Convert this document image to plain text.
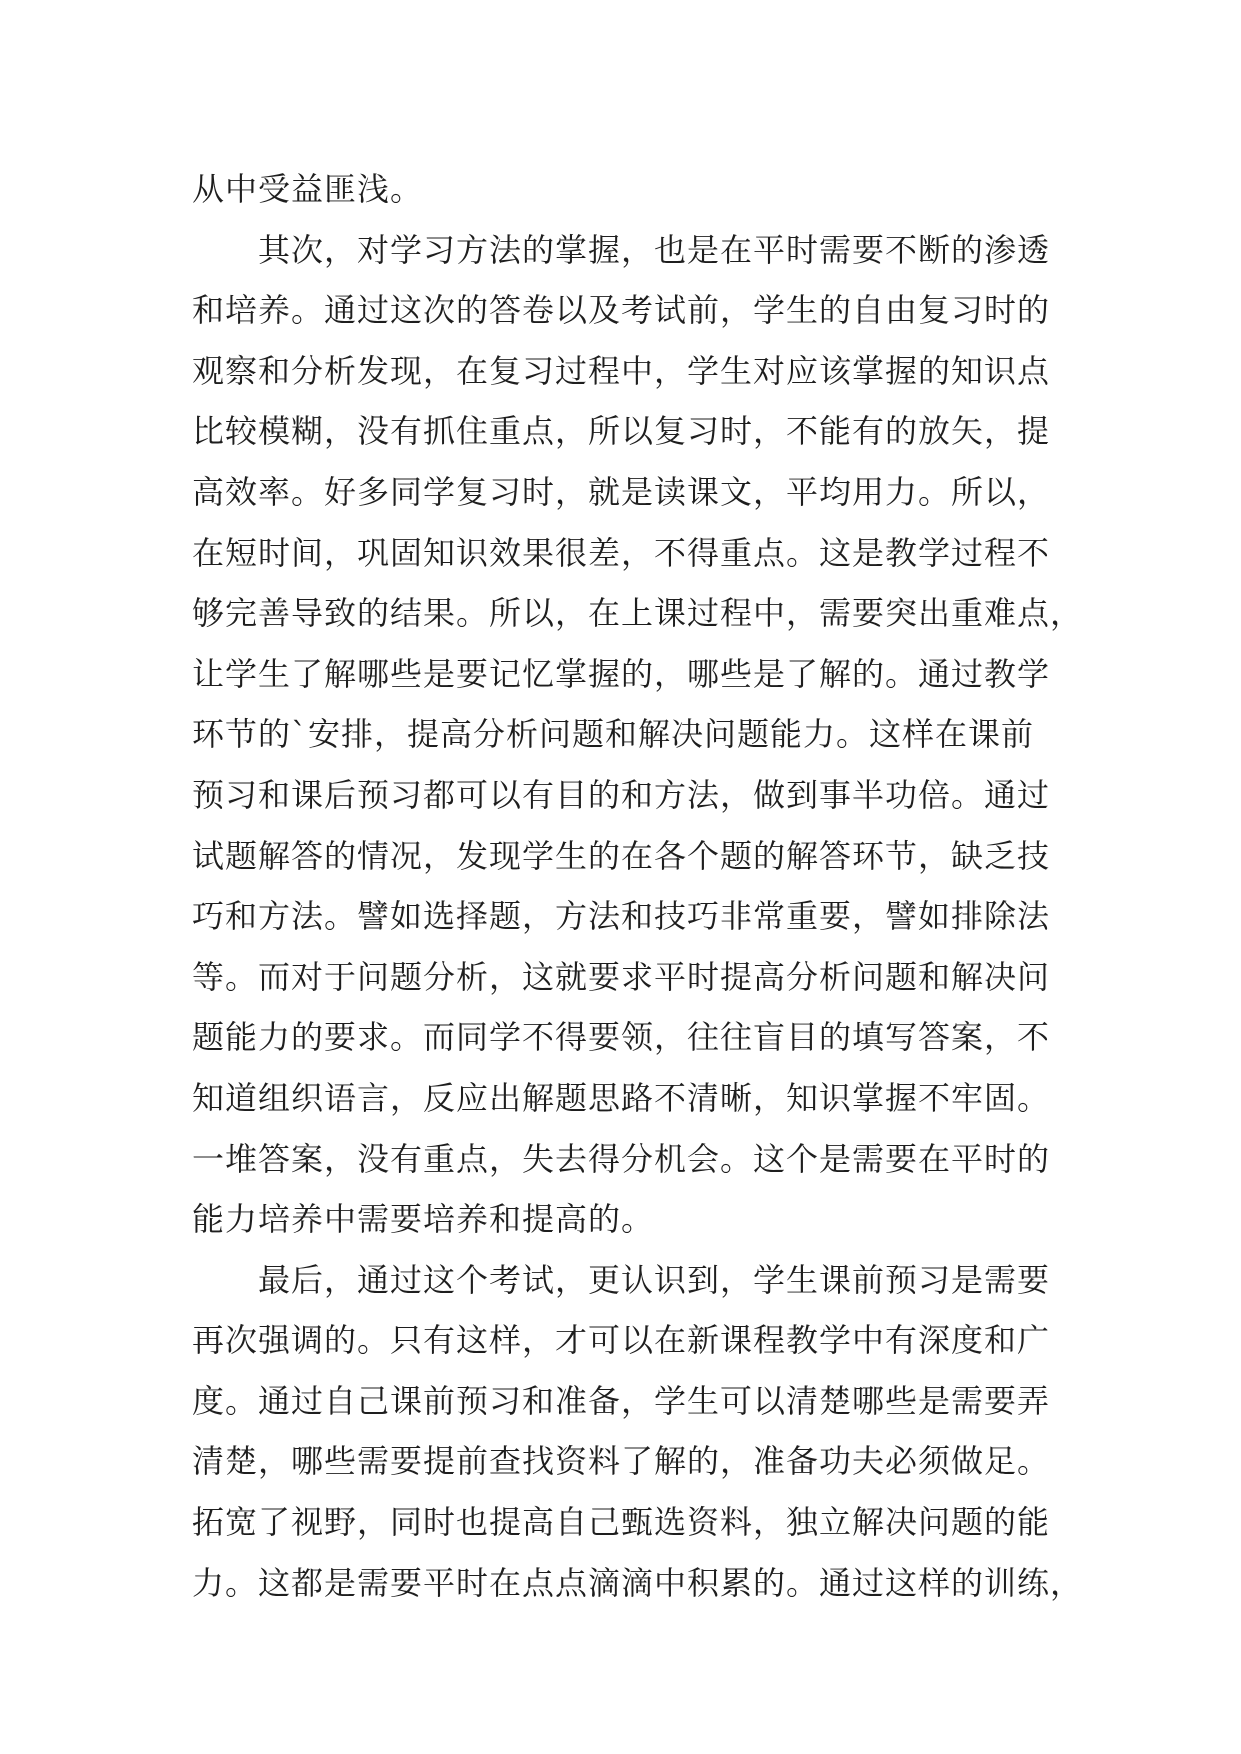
从中受益匪浅。
其次，对学习方法的掌握，也是在平时需要不断的渗透
和培养。通过这次的答卷以及考试前，学生的自由复习时的
观察和分析发现，在复习过程中，学生对应该掌握的知识点
比较模糊，没有抓住重点，所以复习时，不能有的放矢，提
高效率。好多同学复习时，就是读课文，平均用力。所以，
在短时间，巩固知识效果很差，不得重点。这是教学过程不
够完善导致的结果。所以，在上课过程中，需要突出重难点，
让学生了解哪些是要记忆掌握的，哪些是了解的。通过教学
环节的`安排，提高分析问题和解决问题能力。这样在课前
预习和课后预习都可以有目的和方法，做到事半功倍。通过
试题解答的情况，发现学生的在各个题的解答环节，缺乏技
巧和方法。譬如选择题，方法和技巧非常重要，譬如排除法
等。而对于问题分析，这就要求平时提高分析问题和解决问
题能力的要求。而同学不得要领，往往盲目的填写答案，不
知道组织语言，反应出解题思路不清晰，知识掌握不牢固。
一堆答案，没有重点，失去得分机会。这个是需要在平时的
能力培养中需要培养和提高的。
最后，通过这个考试，更认识到，学生课前预习是需要
再次强调的。只有这样，才可以在新课程教学中有深度和广
度。通过自己课前预习和准备，学生可以清楚哪些是需要弄
清楚，哪些需要提前查找资料了解的，准备功夫必须做足。
拓宽了视野，同时也提高自己甄选资料，独立解决问题的能
力。这都是需要平时在点点滴滴中积累的。通过这样的训练，
